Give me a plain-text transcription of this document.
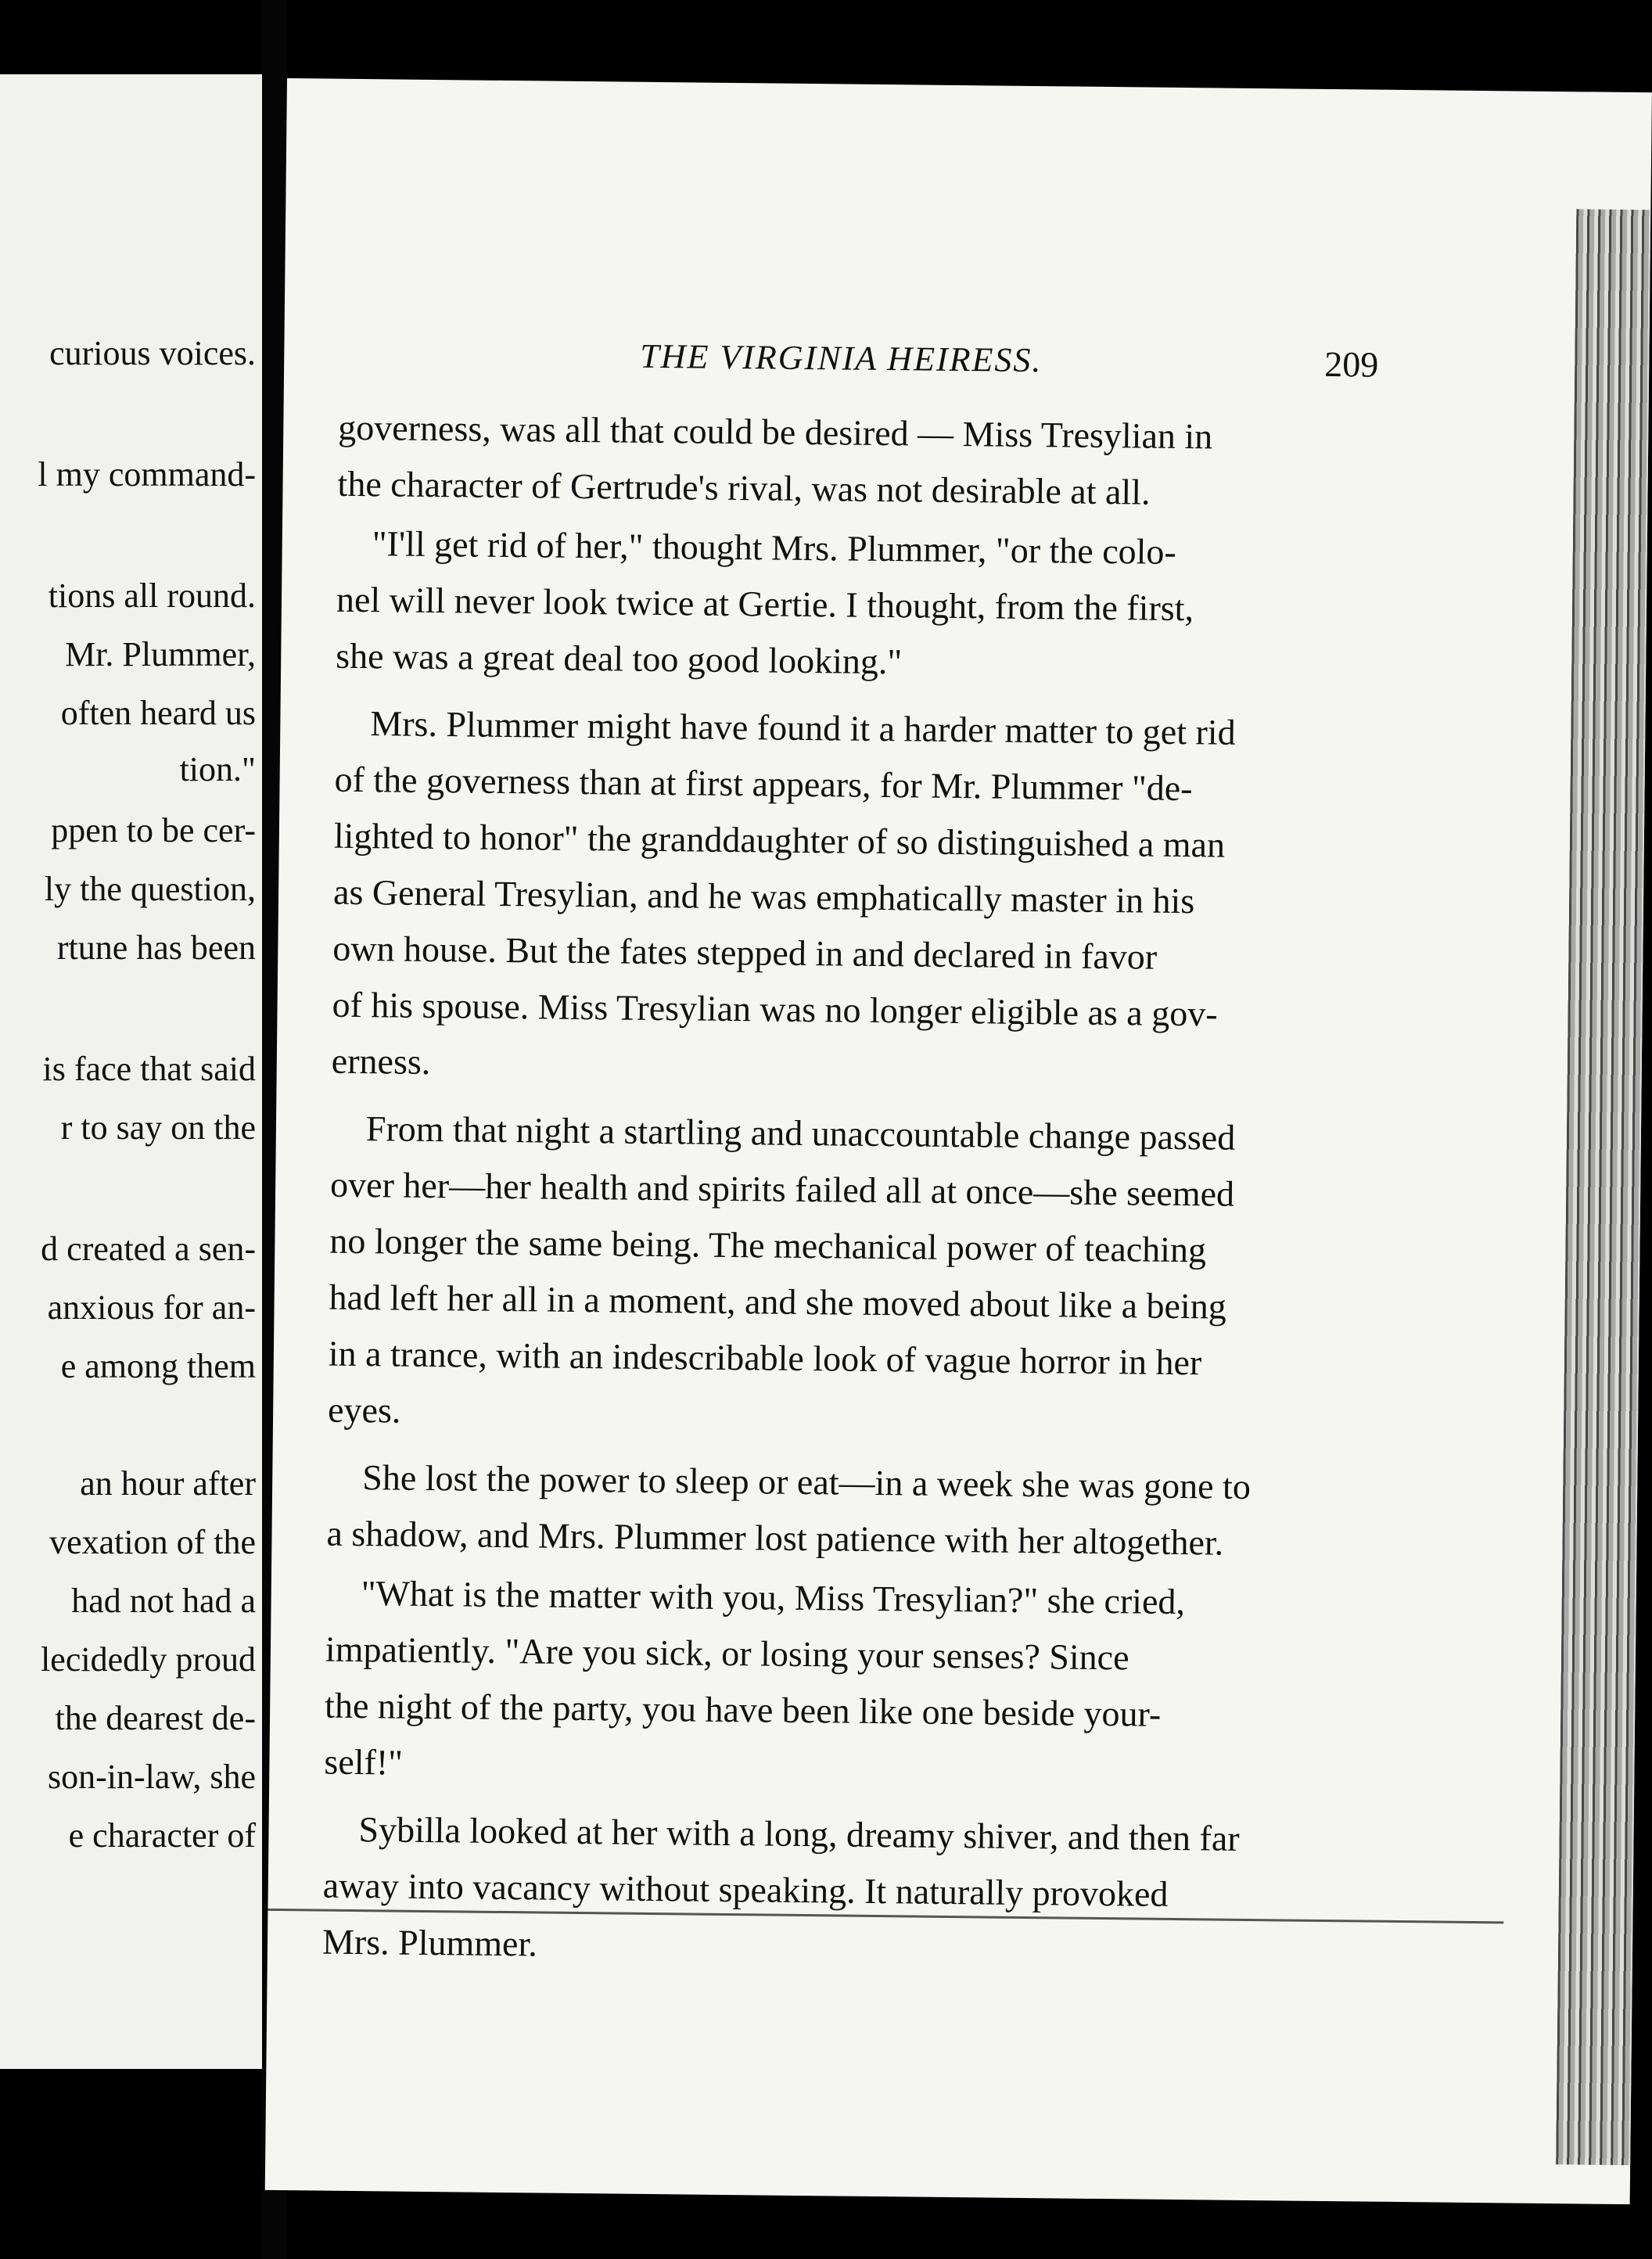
curious voices.
l my command-
tions all round.
Mr. Plummer,
often heard us
tion."
ppen to be cer-
ly the question,
rtune has been
is face that said
r to say on the
d created a sen-
anxious for an-
e among them
an hour after
vexation of the
had not had a
lecidedly proud
the dearest de-
son-in-law, she
e character of
THE VIRGINIA HEIRESS.	209
governess, was all that could be desired — Miss Tresylian in
the character of Gertrude's rival, was not desirable at all.
"I'll get rid of her," thought Mrs. Plummer, "or the colo-
nel will never look twice at Gertie. I thought, from the first,
she was a great deal too good looking."
Mrs. Plummer might have found it a harder matter to get rid
of the governess than at first appears, for Mr. Plummer "de-
lighted to honor" the granddaughter of so distinguished a man
as General Tresylian, and he was emphatically master in his
own house. But the fates stepped in and declared in favor
of his spouse. Miss Tresylian was no longer eligible as a gov-
erness.
From that night a startling and unaccountable change passed
over her—her health and spirits failed all at once—she seemed
no longer the same being. The mechanical power of teaching
had left her all in a moment, and she moved about like a being
in a trance, with an indescribable look of vague horror in her
eyes.
She lost the power to sleep or eat—in a week she was gone to
a shadow, and Mrs. Plummer lost patience with her altogether.
"What is the matter with you, Miss Tresylian?" she cried,
impatiently. "Are you sick, or losing your senses? Since
the night of the party, you have been like one beside your-
self!"
Sybilla looked at her with a long, dreamy shiver, and then far
away into vacancy without speaking. It naturally provoked
Mrs. Plummer.
